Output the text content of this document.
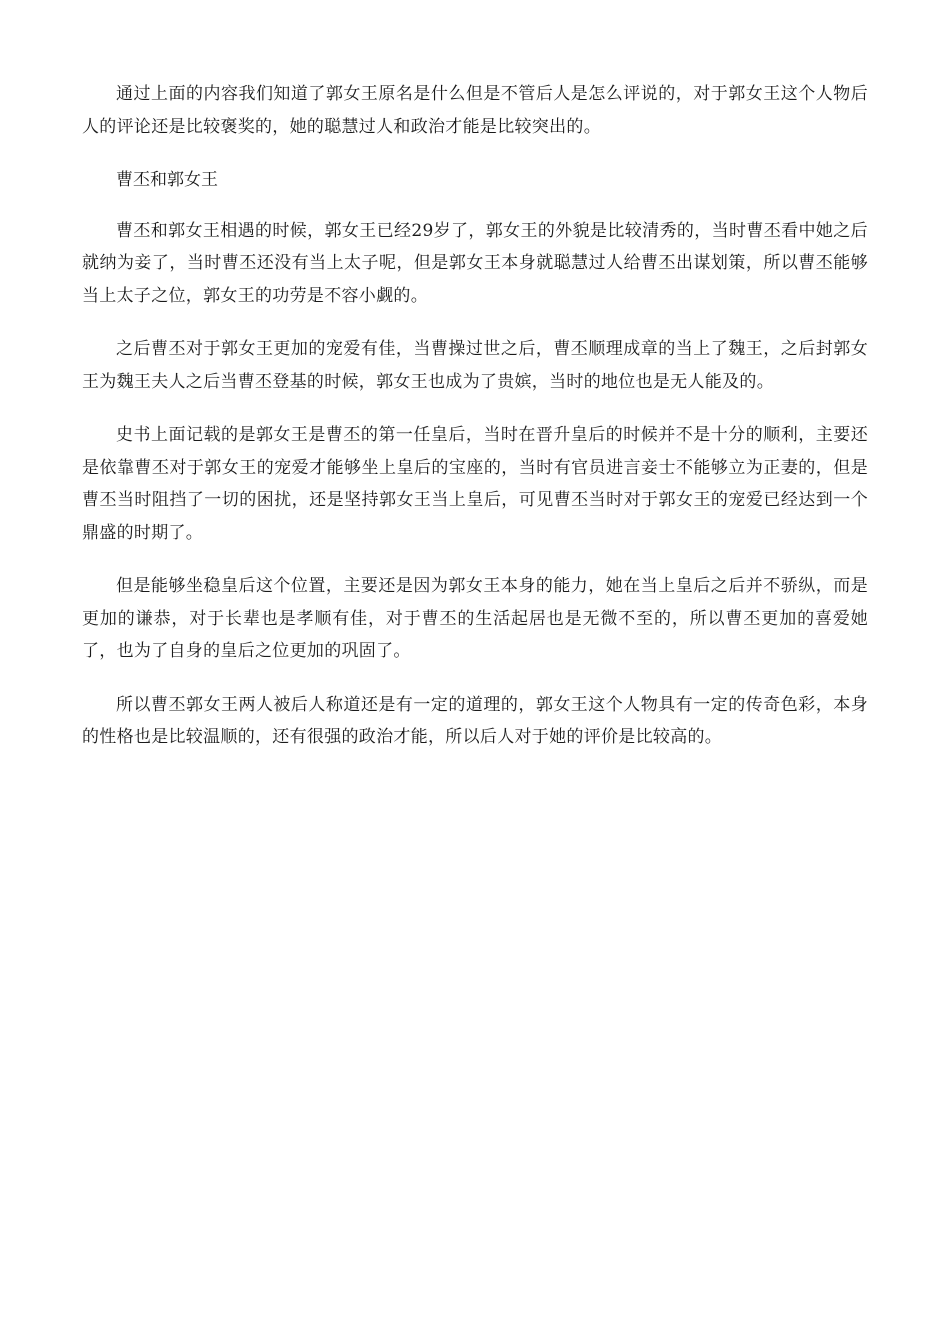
通过上面的内容我们知道了郭女王原名是什么但是不管后人是怎么评说的，对于郭女王这个人物后人的评论还是比较褒奖的，她的聪慧过人和政治才能是比较突出的。

曹丕和郭女王

曹丕和郭女王相遇的时候，郭女王已经29岁了，郭女王的外貌是比较清秀的，当时曹丕看中她之后就纳为妾了，当时曹丕还没有当上太子呢，但是郭女王本身就聪慧过人给曹丕出谋划策，所以曹丕能够当上太子之位，郭女王的功劳是不容小觑的。

之后曹丕对于郭女王更加的宠爱有佳，当曹操过世之后，曹丕顺理成章的当上了魏王，之后封郭女王为魏王夫人之后当曹丕登基的时候，郭女王也成为了贵嫔，当时的地位也是无人能及的。

史书上面记载的是郭女王是曹丕的第一任皇后，当时在晋升皇后的时候并不是十分的顺利，主要还是依靠曹丕对于郭女王的宠爱才能够坐上皇后的宝座的，当时有官员进言妾士不能够立为正妻的，但是曹丕当时阻挡了一切的困扰，还是坚持郭女王当上皇后，可见曹丕当时对于郭女王的宠爱已经达到一个鼎盛的时期了。

但是能够坐稳皇后这个位置，主要还是因为郭女王本身的能力，她在当上皇后之后并不骄纵，而是更加的谦恭，对于长辈也是孝顺有佳，对于曹丕的生活起居也是无微不至的，所以曹丕更加的喜爱她了，也为了自身的皇后之位更加的巩固了。

所以曹丕郭女王两人被后人称道还是有一定的道理的，郭女王这个人物具有一定的传奇色彩，本身的性格也是比较温顺的，还有很强的政治才能，所以后人对于她的评价是比较高的。
